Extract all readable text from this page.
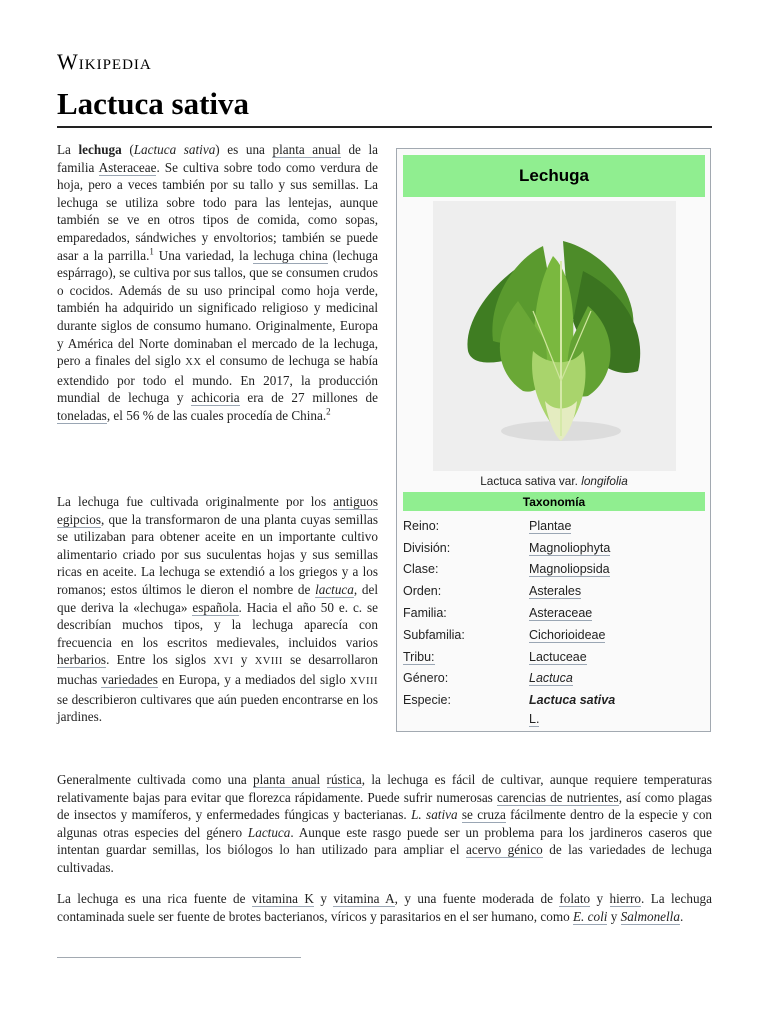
Wikipedia
Lactuca sativa

La lechuga (Lactuca sativa) es una planta anual de la familia Asteraceae. Se cultiva sobre todo como verdura de hoja, pero a veces también por su tallo y sus semillas. La lechuga se utiliza sobre todo para las lentejas, aunque también se ve en otros tipos de comida, como sopas, emparedados, sándwiches y envoltorios; también se puede asar a la parrilla.$^1$ Una variedad, la lechuga china (lechuga espárrago), se cultiva por sus tallos, que se consumen crudos o cocidos. Además de su uso principal como hoja verde, también ha adquirido un significado religioso y medicinal durante siglos de consumo humano. Originalmente, Europa y América del Norte dominaban el mercado de la lechuga, pero a finales del siglo XX el consumo de lechuga se había extendido por todo el mundo. En 2017, la producción mundial de lechuga y achicoria era de 27 millones de toneladas, el 56 % de las cuales procedía de China.$^2$

La lechuga fue cultivada originalmente por los antiguos egipcios, que la transformaron de una planta cuyas semillas se utilizaban para obtener aceite en un importante cultivo alimentario criado por sus suculentas hojas y sus semillas ricas en aceite. La lechuga se extendió a los griegos y a los romanos; estos últimos le dieron el nombre de lactuca, del que deriva la «lechuga» española. Hacia el año 50 e. c. se describían muchos tipos, y la lechuga aparecía con frecuencia en los escritos medievales, incluidos varios herbarios. Entre los siglos XVI y XVIII se desarrollaron muchas variedades en Europa, y a mediados del siglo XVIII se describieron cultivares que aún pueden encontrarse en los jardines.

Generalmente cultivada como una planta anual rústica, la lechuga es fácil de cultivar, aunque requiere temperaturas relativamente bajas para evitar que florezca rápidamente. Puede sufrir numerosas carencias de nutrientes, así como plagas de insectos y mamíferos, y enfermedades fúngicas y bacterianas. L. sativa se cruza fácilmente dentro de la especie y con algunas otras especies del género Lactuca. Aunque este rasgo puede ser un problema para los jardineros caseros que intentan guardar semillas, los biólogos lo han utilizado para ampliar el acervo génico de las variedades de lechuga cultivadas.

La lechuga es una rica fuente de vitamina K y vitamina A, y una fuente moderada de folato y hierro. La lechuga contaminada suele ser fuente de brotes bacterianos, víricos y parasitarios en el ser humano, como E. coli y Salmonella.

Lechuga
Lactuca sativa var. longifolia
Taxonomía
Reino:	Plantae
División:	Magnoliophyta
Clase:	Magnoliopsida
Orden:	Asterales
Familia:	Asteraceae
Subfamilia:	Cichorioideae
Tribu:	Lactuceae
Género:	Lactuca
Especie:	Lactuca sativa
L.
